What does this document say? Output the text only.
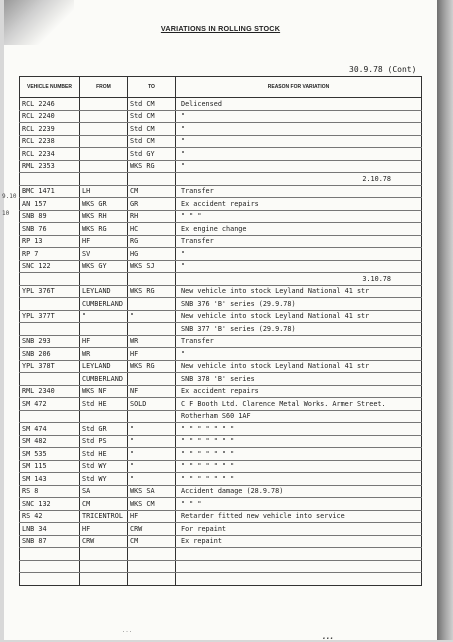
VARIATIONS IN ROLLING STOCK
30.9.78 (Cont)
9.10
10
VEHICLE NUMBER	FROM	TO	REASON FOR VARIATION
RCL 2246		Std CM	Delicensed
RCL 2240		Std CM	"
RCL 2239		Std CM	"
RCL 2238		Std CM	"
RCL 2234		Std GY	"
RML 2353		WKS RG	"
			2.10.78
BMC 1471	LH	CM	Transfer
AN 157	WKS GR	GR	Ex accident repairs
SNB 89	WKS RH	RH	" " "
SNB 76	WKS RG	HC	Ex engine change
RP 13	HF	RG	Transfer
RP 7	SV	HG	"
SNC 122	WKS GY	WKS SJ	"
			3.10.78
YPL 376T	LEYLAND	WKS RG	New vehicle into stock Leyland National 41 str
	CUMBERLAND		SNB 376 'B' series (29.9.78)
YPL 377T	"	"	New vehicle into stock Leyland National 41 str
			SNB 377 'B' series (29.9.78)
SNB 293	HF	WR	Transfer
SNB 206	WR	HF	"
YPL 378T	LEYLAND	WKS RG	New vehicle into stock Leyland National 41 str
	CUMBERLAND		SNB 378 'B' series
RML 2340	WKS NF	NF	Ex accident repairs
SM 472	Std HE	SOLD	C F Booth Ltd. Clarence Metal Works. Armer Street.
			Rotherham S60 1AF
SM 474	Std GR	"	" " " " " " "
SM 482	Std PS	"	" " " " " " "
SM 535	Std HE	"	" " " " " " "
SM 115	Std WY	"	" " " " " " "
SM 143	Std WY	"	" " " " " " "
RS 8	SA	WKS SA	Accident damage (28.9.78)
SNC 132	CM	WKS CM	" " "
RS 42	TRICENTROL	HF	Retarder fitted new vehicle into service
LNB 34	HF	CRW	For repaint
SNB 87	CRW	CM	Ex repaint

...	...
